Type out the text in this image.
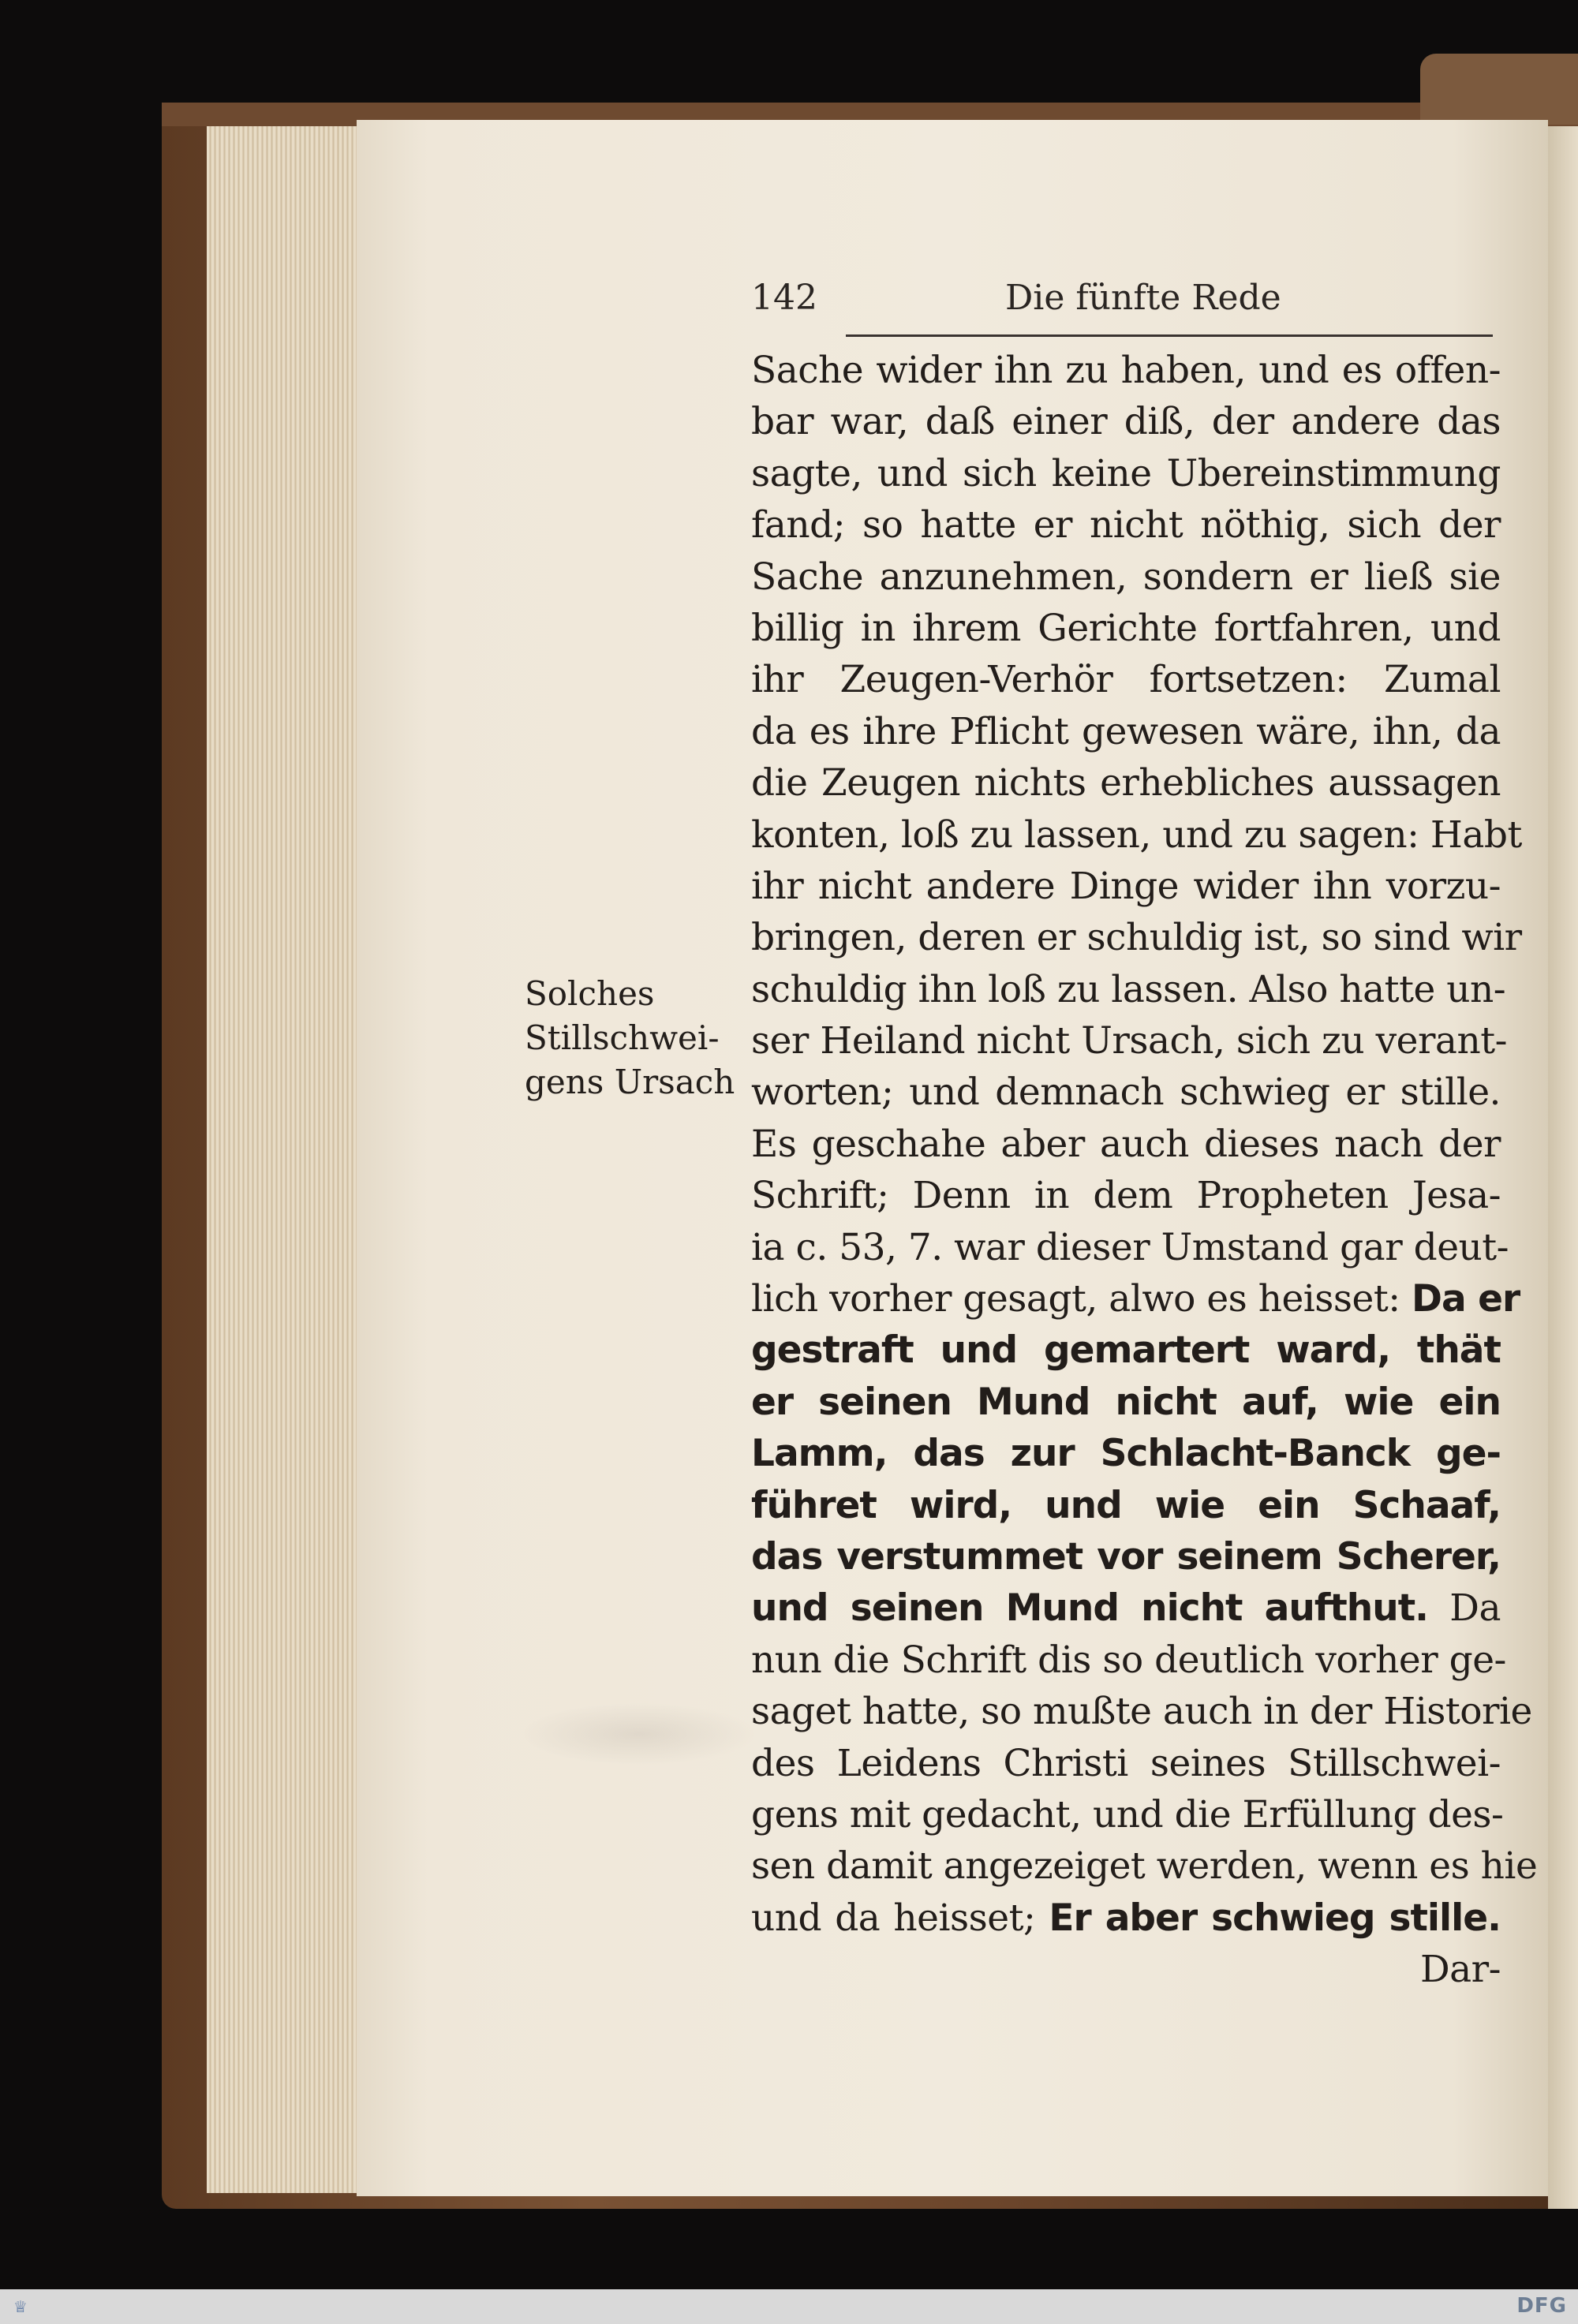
142	Die fünfte Rede
Solches
Stillschwei-
gens Ursach
Sache wider ihn zu haben, und es offen-
bar war, daß einer diß, der andere das
sagte, und sich keine Ubereinstimmung
fand; so hatte er nicht nöthig, sich der
Sache anzunehmen, sondern er ließ sie
billig in ihrem Gerichte fortfahren, und
ihr Zeugen-Verhör fortsetzen: Zumal
da es ihre Pflicht gewesen wäre, ihn, da
die Zeugen nichts erhebliches aussagen
konten, loß zu lassen, und zu sagen: Habt
ihr nicht andere Dinge wider ihn vorzu-
bringen, deren er schuldig ist, so sind wir
schuldig ihn loß zu lassen. Also hatte un-
ser Heiland nicht Ursach, sich zu verant-
worten; und demnach schwieg er stille.
Es geschahe aber auch dieses nach der
Schrift; Denn in dem Propheten Jesa-
ia c. 53, 7. war dieser Umstand gar deut-
lich vorher gesagt, alwo es heisset: Da er
gestraft und gemartert ward, thät
er seinen Mund nicht auf, wie ein
Lamm, das zur Schlacht-Banck ge-
führet wird, und wie ein Schaaf,
das verstummet vor seinem Scherer,
und seinen Mund nicht aufthut. Da
nun die Schrift dis so deutlich vorher ge-
saget hatte, so mußte auch in der Historie
des Leidens Christi seines Stillschwei-
gens mit gedacht, und die Erfüllung des-
sen damit angezeiget werden, wenn es hie
und da heisset; Er aber schwieg stille.
Dar-
♕	DFG
